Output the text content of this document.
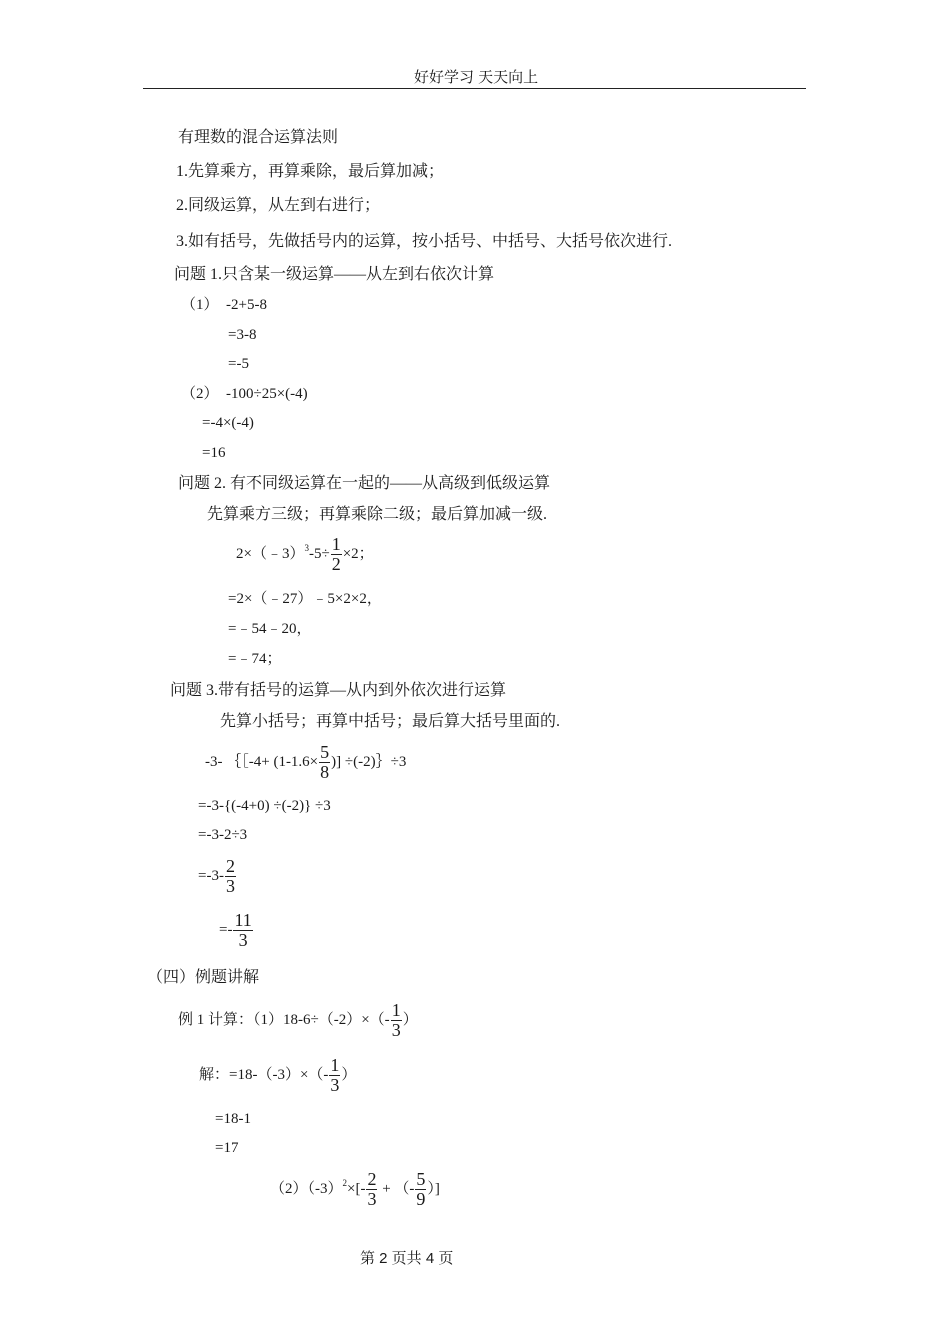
好好学习 天天向上
有理数的混合运算法则
1.先算乘方，再算乘除，最后算加减；
2.同级运算，从左到右进行；
3.如有括号，先做括号内的运算，按小括号、中括号、大括号依次进行.
问题 1.只含某一级运算——从左到右依次计算
（1）　-2+5-8
=3-8
=-5
（2）　-100÷25×(-4)
=-4×(-4)
=16
问题 2. 有不同级运算在一起的——从高级到低级运算
先算乘方三级；再算乘除二级；最后算加减一级.
2×（﹣3）$^3$-5÷ $\frac{1}{2} \times 2$；
=2×（﹣27）﹣5×2×2，
=﹣54﹣20，
=﹣74；
问题 3.带有括号的运算—从内到外依次进行运算
先算小括号；再算中括号；最后算大括号里面的.
-3- ｛［-4+ ($1-1.6\times \frac{5}{8}$ )] ÷(-2)｝÷3
=-3-{(-4+0) ÷(-2)} ÷3
=-3-2÷3
$=-3- \frac{2}{3}$
=- $\frac{11}{3}$
（四）例题讲解
例 1 计算：$(1)18-6\div(-2)\times(- \frac{1}{3}$ ）
解：$=18-(-3)\times(- \frac{1}{3}$ ）
=18-1
=17
$(2)(-3)^2\times[- \frac{2}{3}$ + （- $\frac{5}{9}$ ）]
第 2 页共 4 页
